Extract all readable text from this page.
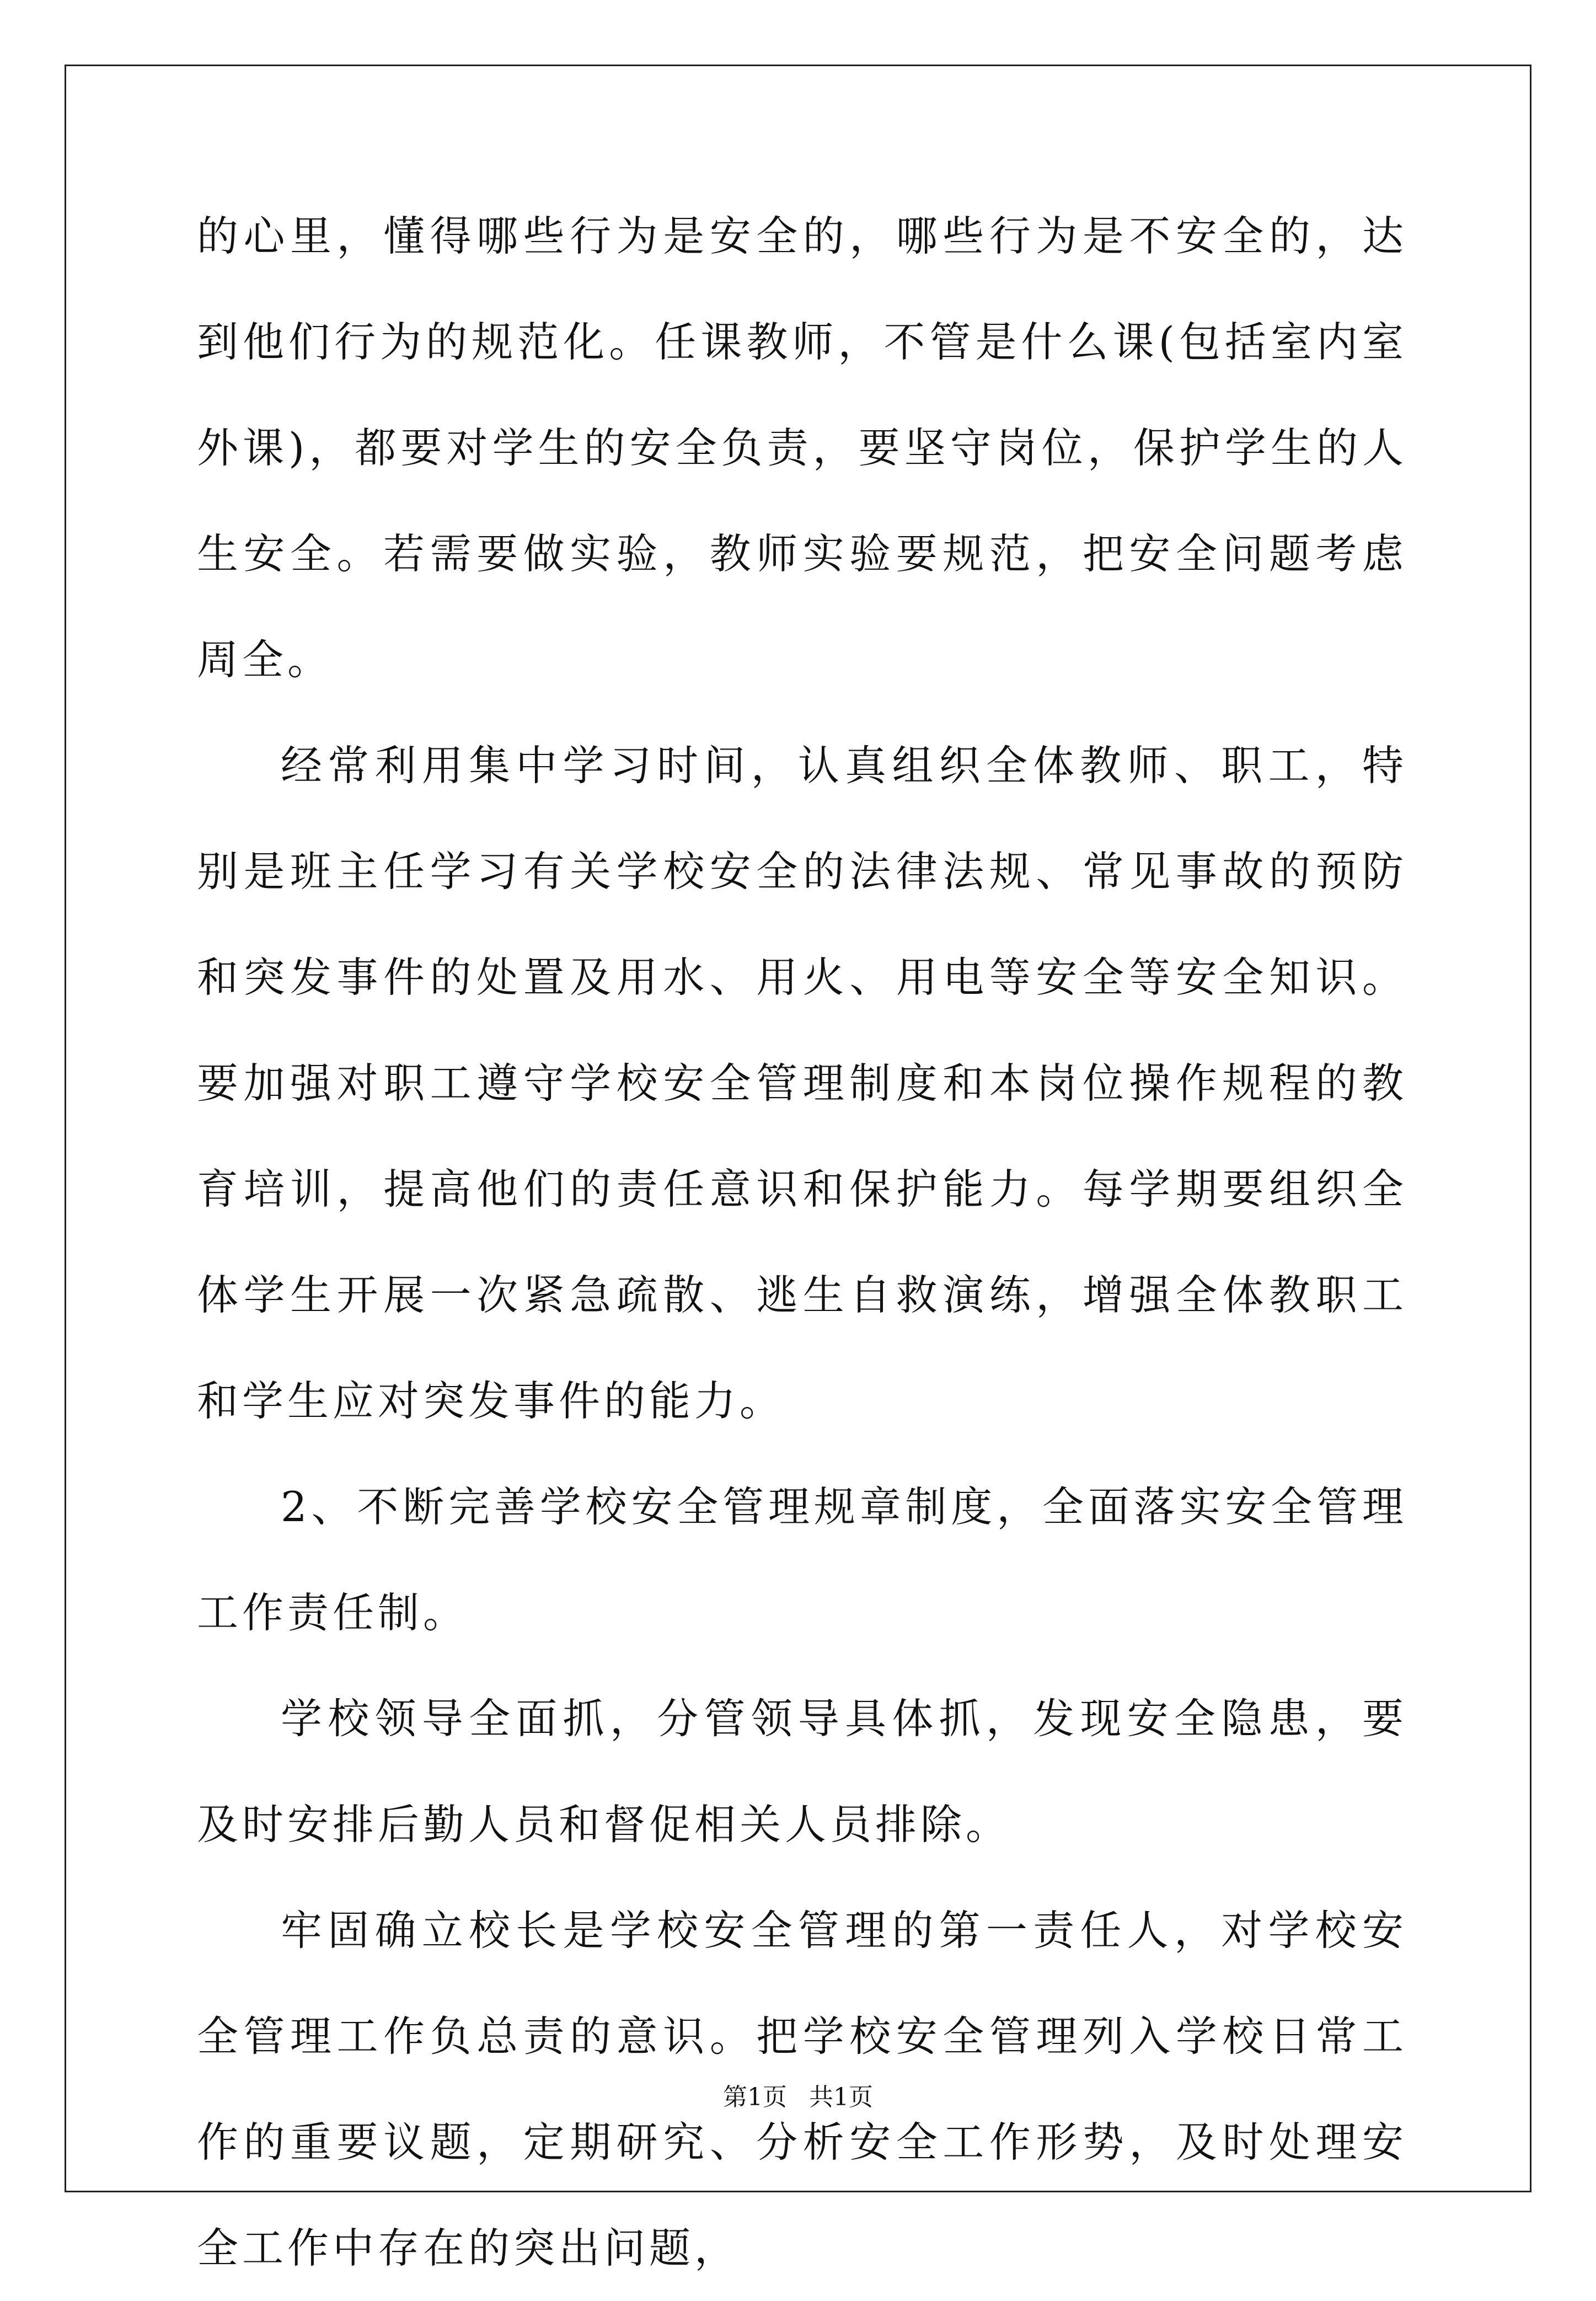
的心里，懂得哪些行为是安全的，哪些行为是不安全的，达到他们行为的规范化。任课教师，不管是什么课(包括室内室外课)，都要对学生的安全负责，要坚守岗位，保护学生的人生安全。若需要做实验，教师实验要规范，把安全问题考虑周全。

经常利用集中学习时间，认真组织全体教师、职工，特别是班主任学习有关学校安全的法律法规、常见事故的预防和突发事件的处置及用水、用火、用电等安全等安全知识。要加强对职工遵守学校安全管理制度和本岗位操作规程的教育培训，提高他们的责任意识和保护能力。每学期要组织全体学生开展一次紧急疏散、逃生自救演练，增强全体教职工和学生应对突发事件的能力。

2、不断完善学校安全管理规章制度，全面落实安全管理工作责任制。

学校领导全面抓，分管领导具体抓，发现安全隐患，要及时安排后勤人员和督促相关人员排除。

牢固确立校长是学校安全管理的第一责任人，对学校安全管理工作负总责的意识。把学校安全管理列入学校日常工作的重要议题，定期研究、分析安全工作形势，及时处理安全工作中存在的突出问题，

第1页 共1页
